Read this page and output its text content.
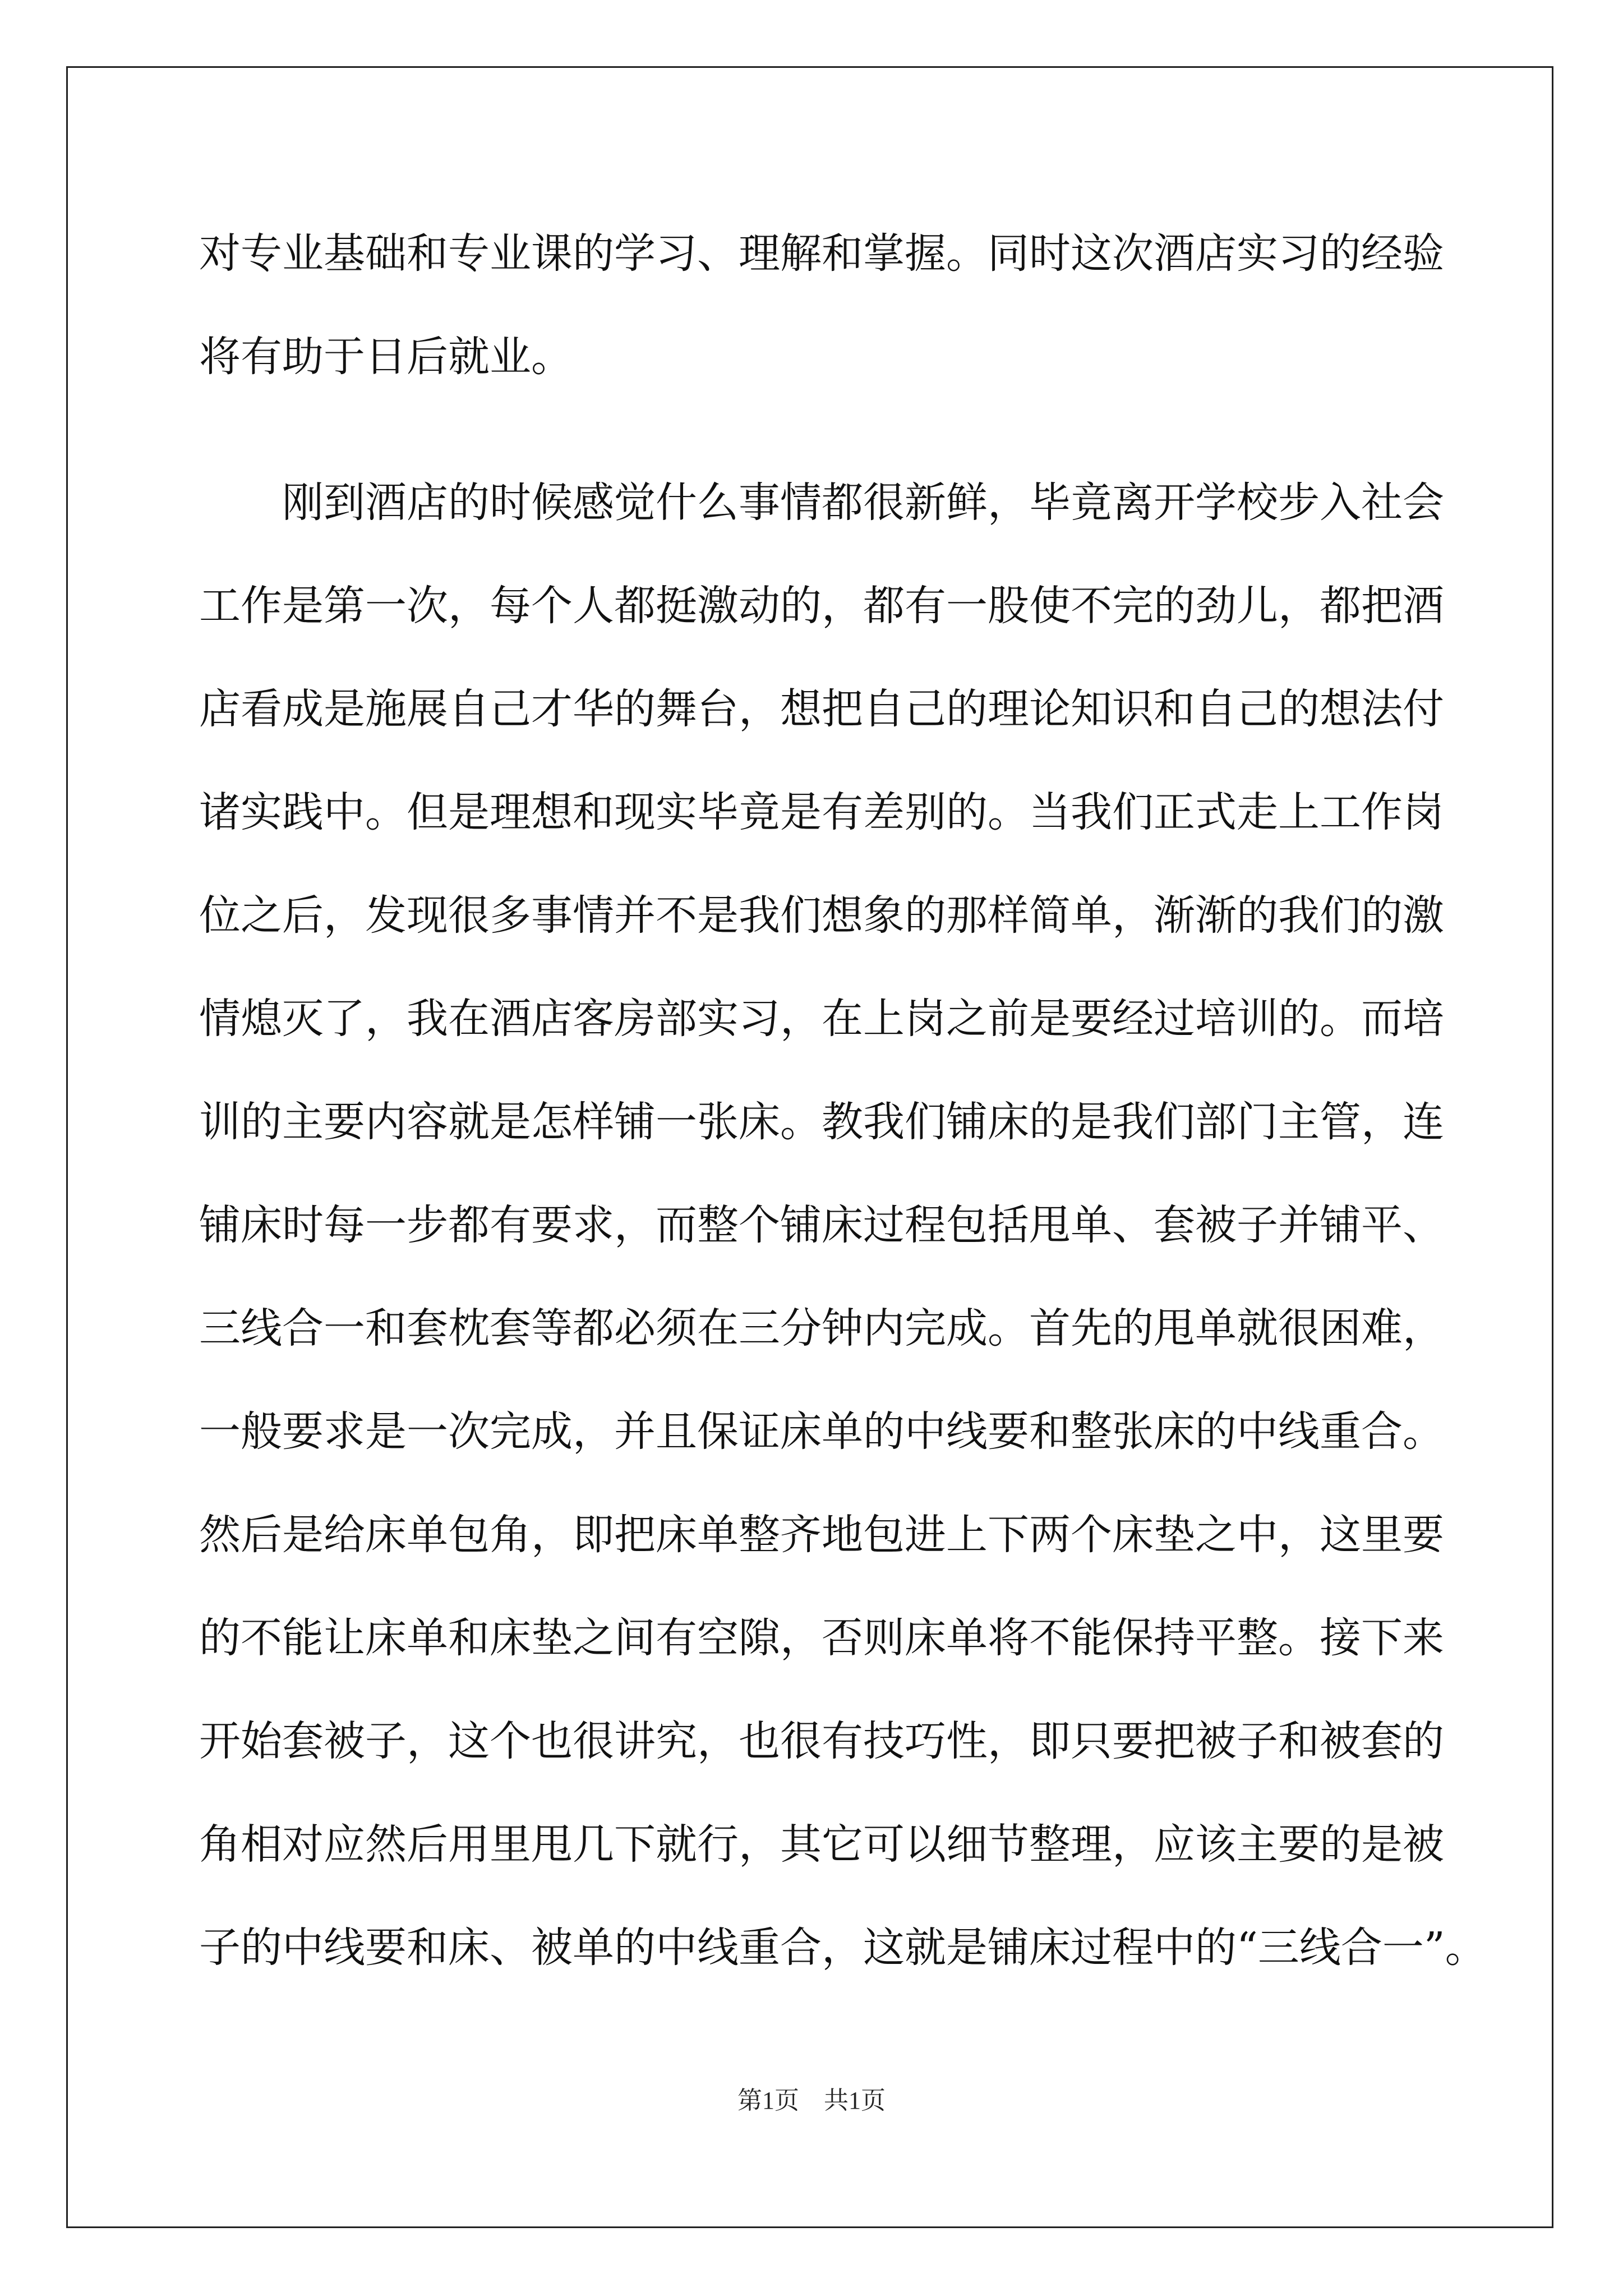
对专业基础和专业课的学习、理解和掌握。同时这次酒店实习的经验
将有助于日后就业。
　　刚到酒店的时候感觉什么事情都很新鲜，毕竟离开学校步入社会
工作是第一次，每个人都挺激动的，都有一股使不完的劲儿，都把酒
店看成是施展自己才华的舞台，想把自己的理论知识和自己的想法付
诸实践中。但是理想和现实毕竟是有差别的。当我们正式走上工作岗
位之后，发现很多事情并不是我们想象的那样简单，渐渐的我们的激
情熄灭了，我在酒店客房部实习，在上岗之前是要经过培训的。而培
训的主要内容就是怎样铺一张床。教我们铺床的是我们部门主管，连
铺床时每一步都有要求，而整个铺床过程包括甩单、套被子并铺平、
三线合一和套枕套等都必须在三分钟内完成。首先的甩单就很困难，
一般要求是一次完成，并且保证床单的中线要和整张床的中线重合。
然后是给床单包角，即把床单整齐地包进上下两个床垫之中，这里要
的不能让床单和床垫之间有空隙，否则床单将不能保持平整。接下来
开始套被子，这个也很讲究，也很有技巧性，即只要把被子和被套的
角相对应然后用里甩几下就行，其它可以细节整理，应该主要的是被
子的中线要和床、被单的中线重合，这就是铺床过程中的“三线合一”。
第1页　共1页
